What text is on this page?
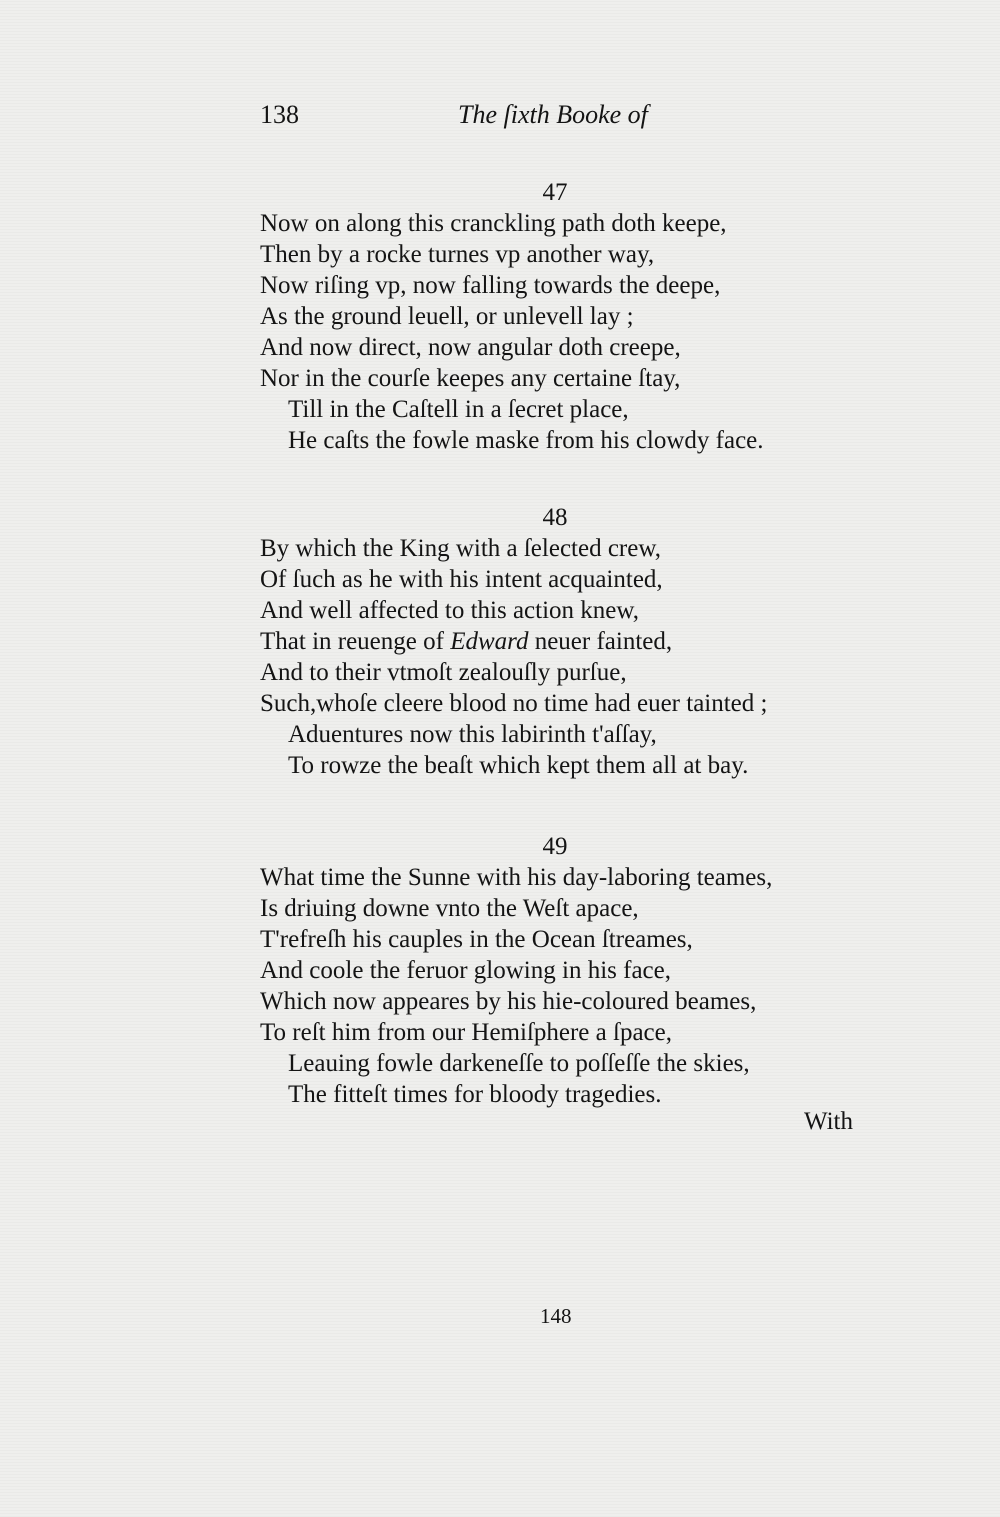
138	The ſixth Booke of
47
Now on along this cranckling path doth keepe,
Then by a rocke turnes vp another way,
Now riſing vp, now falling towards the deepe,
As the ground leuell, or unlevell lay ;
And now direct, now angular doth creepe,
Nor in the courſe keepes any certaine ſtay,
Till in the Caſtell in a ſecret place,
He caſts the fowle maske from his clowdy face.
48
By which the King with a ſelected crew,
Of ſuch as he with his intent acquainted,
And well affected to this action knew,
That in reuenge of Edward neuer fainted,
And to their vtmoſt zealouſly purſue,
Such,whoſe cleere blood no time had euer tainted ;
Aduentures now this labirinth t'aſſay,
To rowze the beaſt which kept them all at bay.
49
What time the Sunne with his day-laboring teames,
Is driuing downe vnto the Weſt apace,
T'refreſh his cauples in the Ocean ſtreames,
And coole the feruor glowing in his face,
Which now appeares by his hie-coloured beames,
To reſt him from our Hemiſphere a ſpace,
Leauing fowle darkeneſſe to poſſeſſe the skies,
The fitteſt times for bloody tragedies.
With
148
